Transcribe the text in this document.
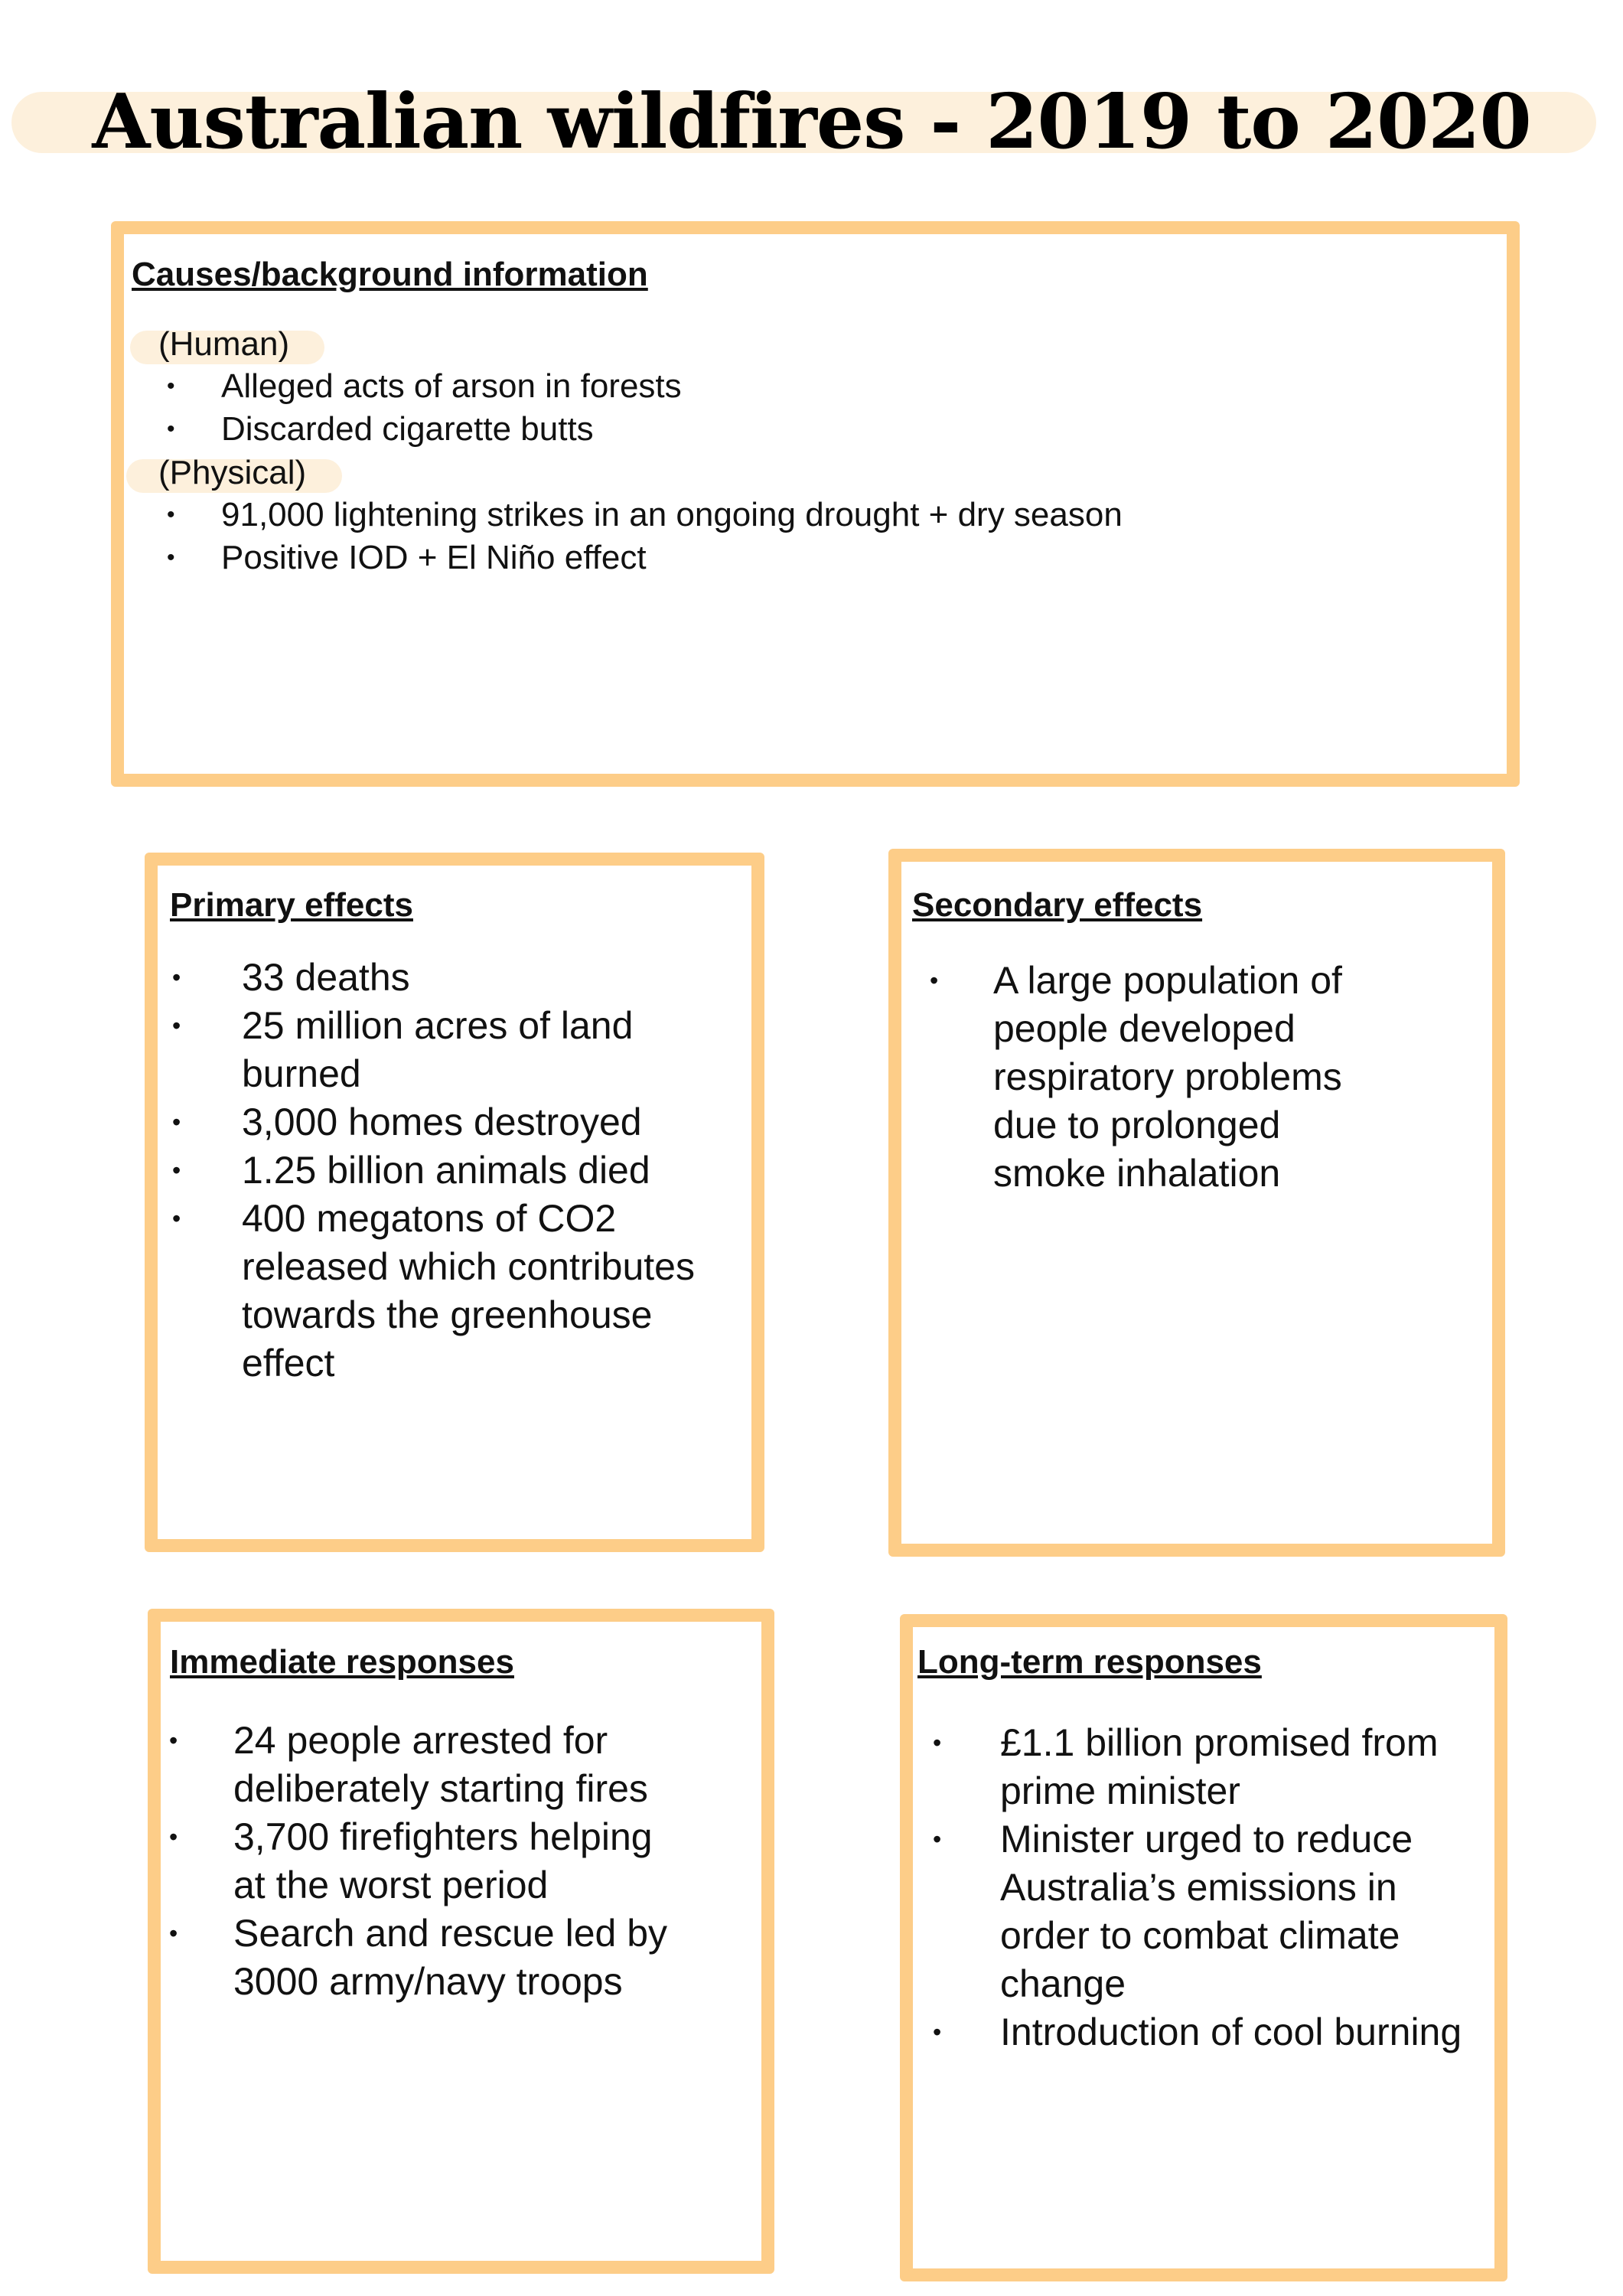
Australian wildfires - 2019 to 2020
Causes/background information
(Human)
• Alleged acts of arson in forests
• Discarded cigarette butts
(Physical)
• 91,000 lightening strikes in an ongoing drought + dry season
• Positive IOD + El Niño effect
Primary effects
• 33 deaths
• 25 million acres of land burned
• 3,000 homes destroyed
• 1.25 billion animals died
• 400 megatons of CO2 released which contributes towards the greenhouse effect
Secondary effects
• A large population of people developed respiratory problems due to prolonged smoke inhalation
Immediate responses
• 24 people arrested for deliberately starting fires
• 3,700 firefighters helping at the worst period
• Search and rescue led by 3000 army/navy troops
Long-term responses
• £1.1 billion promised from prime minister
• Minister urged to reduce Australia’s emissions in order to combat climate change
• Introduction of cool burning
